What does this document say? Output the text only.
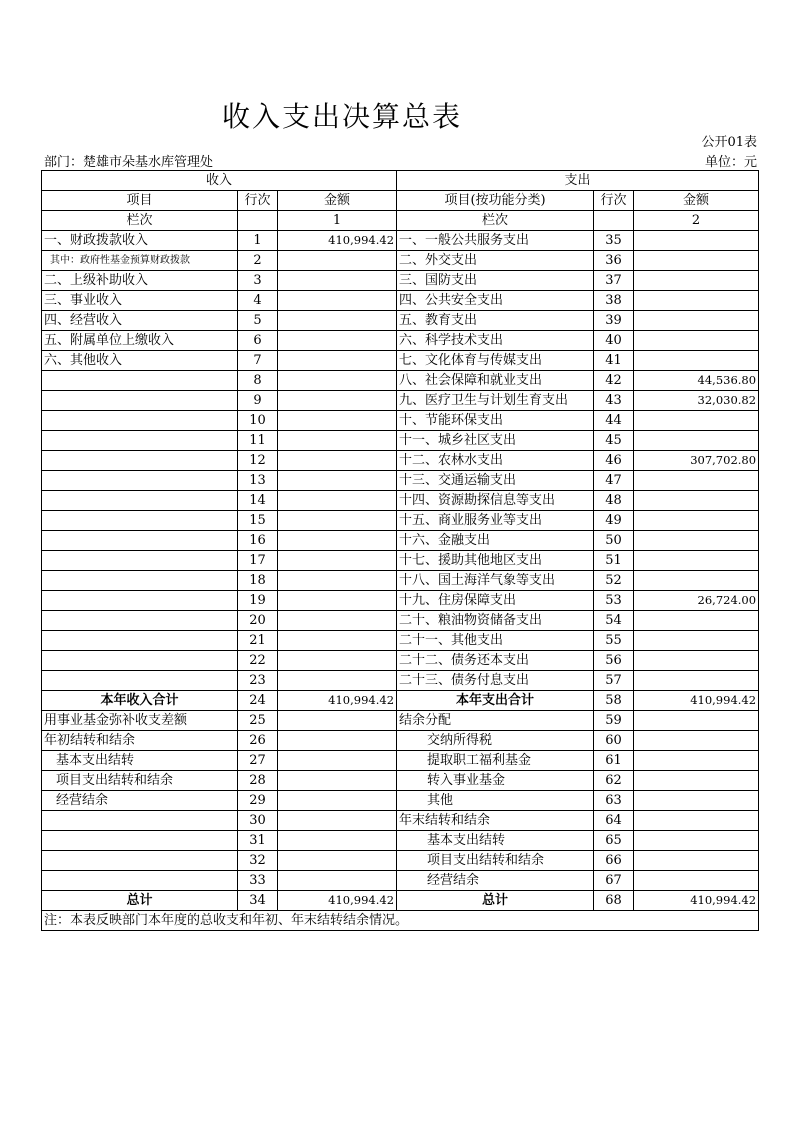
收入支出决算总表
公开01表
部门：楚雄市朵基水库管理处	单位：元
收入			支出		
项目	行次	金额	项目(按功能分类)	行次	金额
栏次		1	栏次		2
一、财政拨款收入	1	410,994.42	一、一般公共服务支出	35	
其中：政府性基金预算财政拨款	2		二、外交支出	36	
二、上级补助收入	3		三、国防支出	37	
三、事业收入	4		四、公共安全支出	38	
四、经营收入	5		五、教育支出	39	
五、附属单位上缴收入	6		六、科学技术支出	40	
六、其他收入	7		七、文化体育与传媒支出	41	
	8		八、社会保障和就业支出	42	44,536.80
	9		九、医疗卫生与计划生育支出	43	32,030.82
	10		十、节能环保支出	44	
	11		十一、城乡社区支出	45	
	12		十二、农林水支出	46	307,702.80
	13		十三、交通运输支出	47	
	14		十四、资源勘探信息等支出	48	
	15		十五、商业服务业等支出	49	
	16		十六、金融支出	50	
	17		十七、援助其他地区支出	51	
	18		十八、国土海洋气象等支出	52	
	19		十九、住房保障支出	53	26,724.00
	20		二十、粮油物资储备支出	54	
	21		二十一、其他支出	55	
	22		二十二、债务还本支出	56	
	23		二十三、债务付息支出	57	
本年收入合计	24	410,994.42	本年支出合计	58	410,994.42
用事业基金弥补收支差额	25		结余分配	59	
年初结转和结余	26		交纳所得税	60	
基本支出结转	27		提取职工福利基金	61	
项目支出结转和结余	28		转入事业基金	62	
经营结余	29		其他	63	
	30		年末结转和结余	64	
	31		基本支出结转	65	
	32		项目支出结转和结余	66	
	33		经营结余	67	
总计	34	410,994.42	总计	68	410,994.42
注：本表反映部门本年度的总收支和年初、年末结转结余情况。					
